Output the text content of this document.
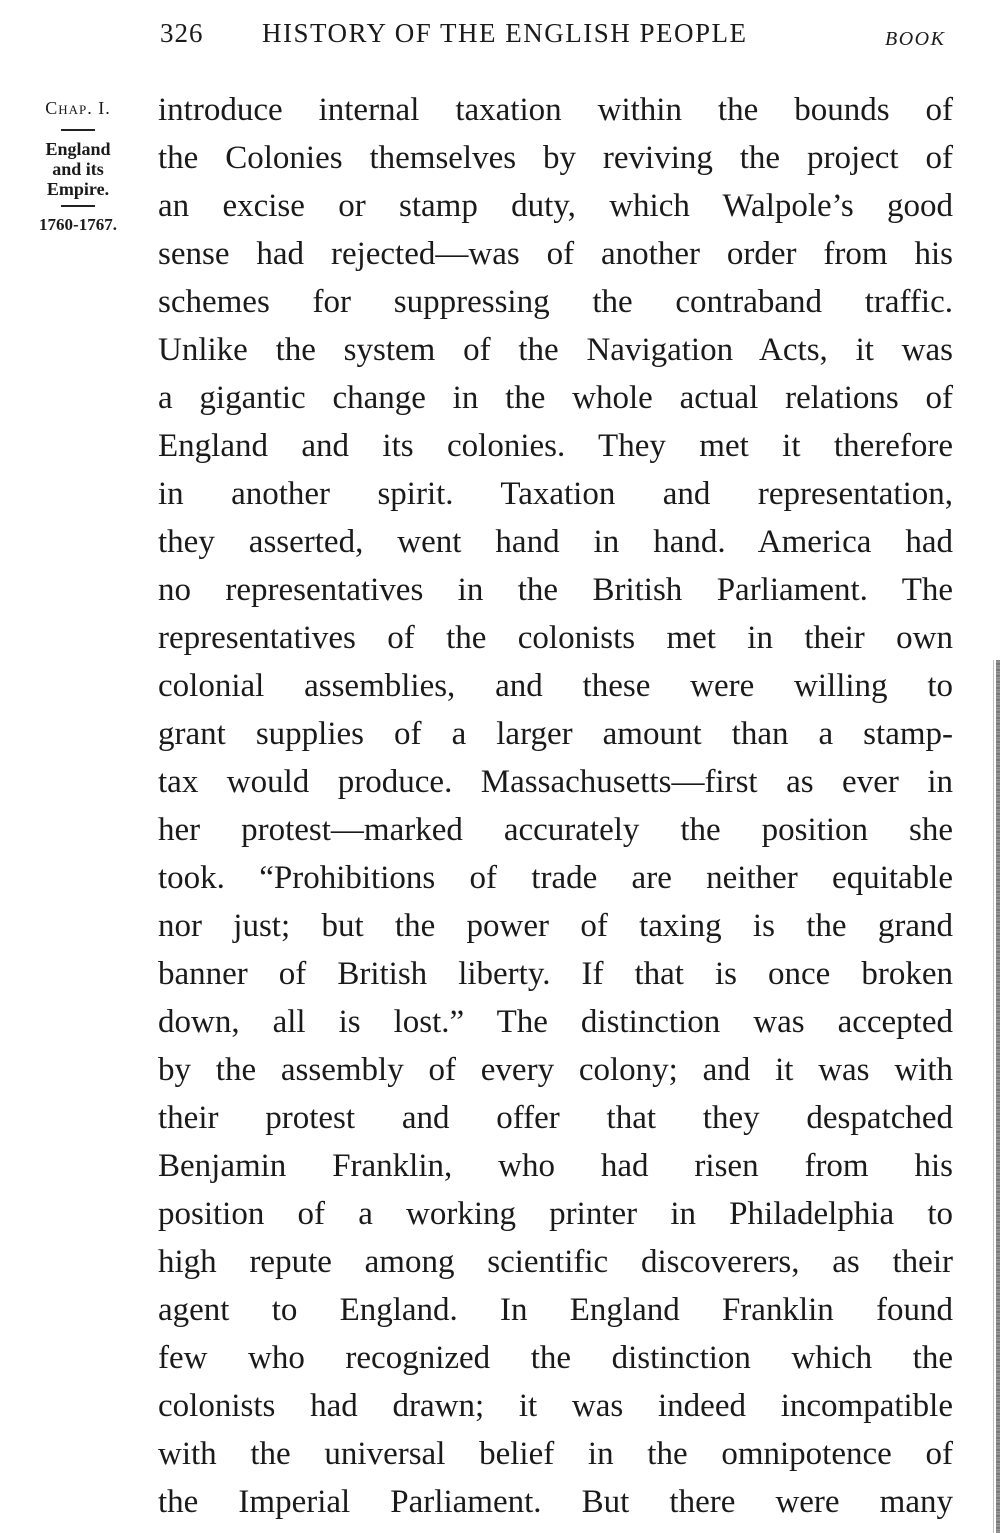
326 HISTORY OF THE ENGLISH PEOPLE	BOOK
Chap. I.
England
and its
Empire.
1760-1767.
introduce internal taxation within the bounds of
the Colonies themselves by reviving the project of
an excise or stamp duty, which Walpole’s good
sense had rejected—was of another order from his
schemes for suppressing the contraband traffic.
Unlike the system of the Navigation Acts, it was
a gigantic change in the whole actual relations of
England and its colonies. They met it therefore
in another spirit. Taxation and representation,
they asserted, went hand in hand. America had
no representatives in the British Parliament. The
representatives of the colonists met in their own
colonial assemblies, and these were willing to
grant supplies of a larger amount than a stamp-
tax would produce. Massachusetts—first as ever in
her protest—marked accurately the position she
took. “Prohibitions of trade are neither equitable
nor just; but the power of taxing is the grand
banner of British liberty. If that is once broken
down, all is lost.” The distinction was accepted
by the assembly of every colony; and it was with
their protest and offer that they despatched
Benjamin Franklin, who had risen from his
position of a working printer in Philadelphia to
high repute among scientific discoverers, as their
agent to England. In England Franklin found
few who recognized the distinction which the
colonists had drawn; it was indeed incompatible
with the universal belief in the omnipotence of
the Imperial Parliament. But there were many
